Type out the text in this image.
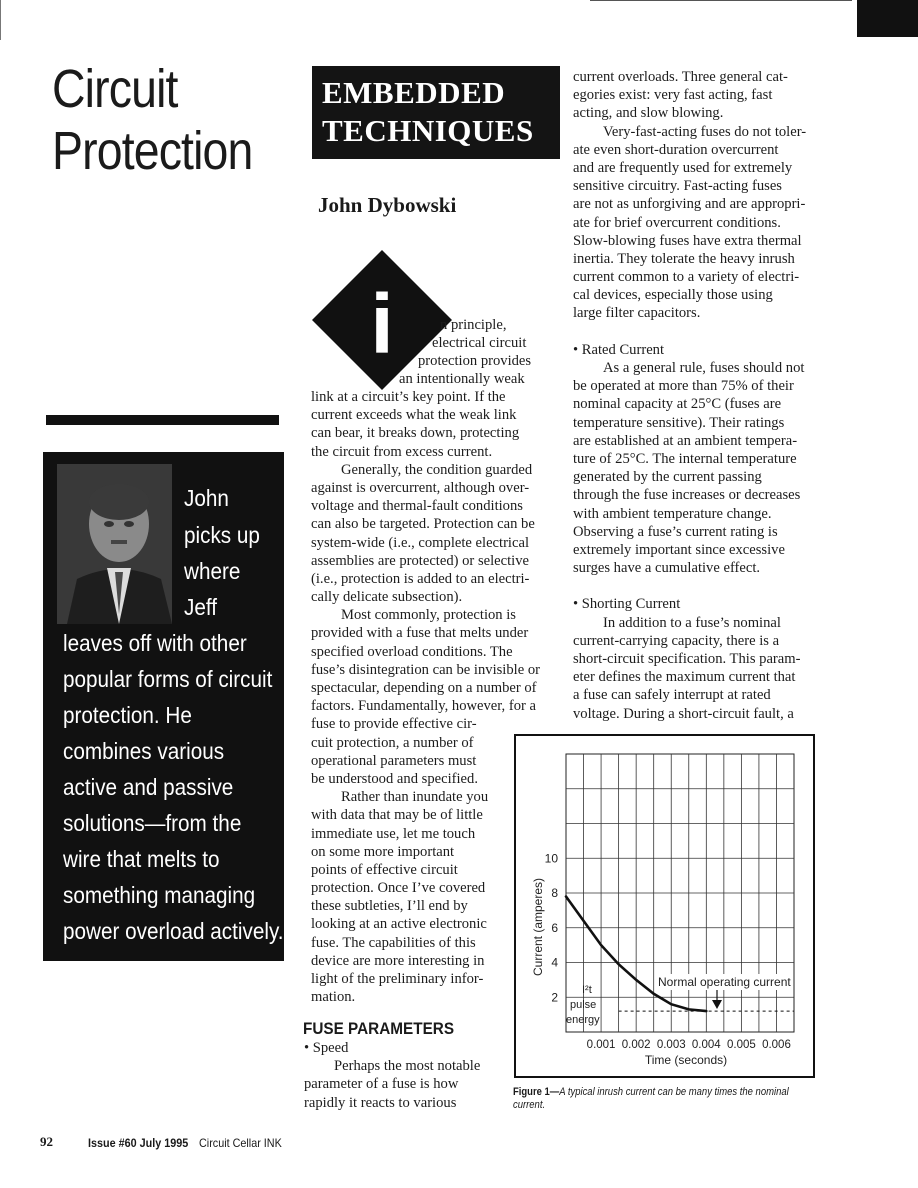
Circuit
Protection
EMBEDDED
TECHNIQUES
John Dybowski
John
picks up
where
Jeff
leaves off with other
popular forms of circuit
protection. He
combines various
active and passive
solutions—from the
wire that melts to
something managing
power overload actively.
i	n principle,
electrical circuit
protection provides
an intentionally weak
link at a circuit’s key point. If the
current exceeds what the weak link
can bear, it breaks down, protecting
the circuit from excess current.
Generally, the condition guarded
against is overcurrent, although over-
voltage and thermal-fault conditions
can also be targeted. Protection can be
system-wide (i.e., complete electrical
assemblies are protected) or selective
(i.e., protection is added to an electri-
cally delicate subsection).
Most commonly, protection is
provided with a fuse that melts under
specified overload conditions. The
fuse’s disintegration can be invisible or
spectacular, depending on a number of
factors. Fundamentally, however, for a
fuse to provide effective cir-
cuit protection, a number of
operational parameters must
be understood and specified.
Rather than inundate you
with data that may be of little
immediate use, let me touch
on some more important
points of effective circuit
protection. Once I’ve covered
these subtleties, I’ll end by
looking at an active electronic
fuse. The capabilities of this
device are more interesting in
light of the preliminary infor-
mation.
FUSE PARAMETERS
• Speed
Perhaps the most notable
parameter of a fuse is how
rapidly it reacts to various
current overloads. Three general cat-
egories exist: very fast acting, fast
acting, and slow blowing.
Very-fast-acting fuses do not toler-
ate even short-duration overcurrent
and are frequently used for extremely
sensitive circuitry. Fast-acting fuses
are not as unforgiving and are appropri-
ate for brief overcurrent conditions.
Slow-blowing fuses have extra thermal
inertia. They tolerate the heavy inrush
current common to a variety of electri-
cal devices, especially those using
large filter capacitors.
• Rated Current
As a general rule, fuses should not
be operated at more than 75% of their
nominal capacity at 25°C (fuses are
temperature sensitive). Their ratings
are established at an ambient tempera-
ture of 25°C. The internal temperature
generated by the current passing
through the fuse increases or decreases
with ambient temperature change.
Observing a fuse’s current rating is
extremely important since excessive
surges have a cumulative effect.
• Shorting Current
In addition to a fuse’s nominal
current-carrying capacity, there is a
short-circuit specification. This param-
eter defines the maximum current that
a fuse can safely interrupt at rated
voltage. During a short-circuit fault, a
2
4
6
8
10
0.001 0.002 0.003 0.004 0.005 0.006
Current (amperes)
Time (seconds)
Normal operating current
I²t
pulse
energy
Figure 1—A typical inrush current can be many times the nominal current.
92	Issue #60 July 1995 Circuit Cellar INK
